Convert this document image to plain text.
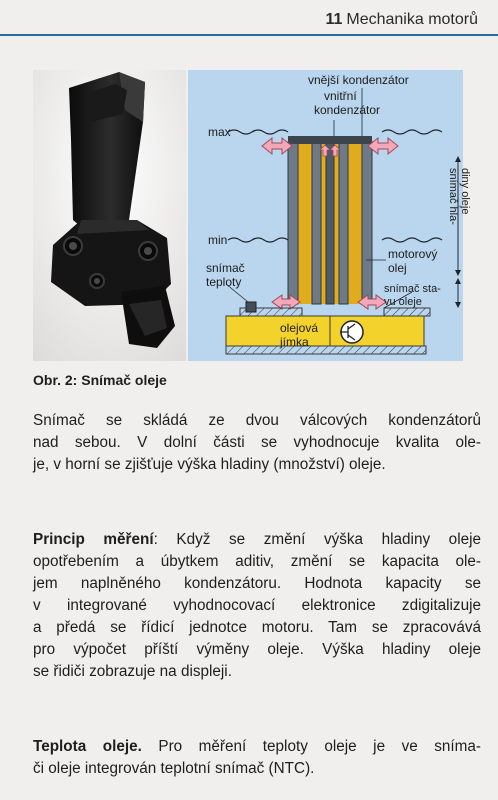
11 Mechanika motorů
vnější kondenzátor
vnitřní
kondenzátor
max
min
motorový
olej
snímač
teploty	snímač sta-
vu oleje
olejová
jímka
snímač hla- diny oleje
Obr. 2: Snímač oleje
Snímač se skládá ze dvou válcových kondenzátorů
nad sebou. V dolní části se vyhodnocuje kvalita ole-
je, v horní se zjišťuje výška hladiny (množství) oleje.
Princip měření: Když se změní výška hladiny oleje
opotřebením a úbytkem aditiv, změní se kapacita ole-
jem naplněného kondenzátoru. Hodnota kapacity se
v integrované vyhodnocovací elektronice zdigitalizuje
a předá se řídicí jednotce motoru. Tam se zpracovává
pro výpočet příští výměny oleje. Výška hladiny oleje
se řidiči zobrazuje na displeji.
Teplota oleje. Pro měření teploty oleje je ve sníma-
či oleje integrován teplotní snímač (NTC).
